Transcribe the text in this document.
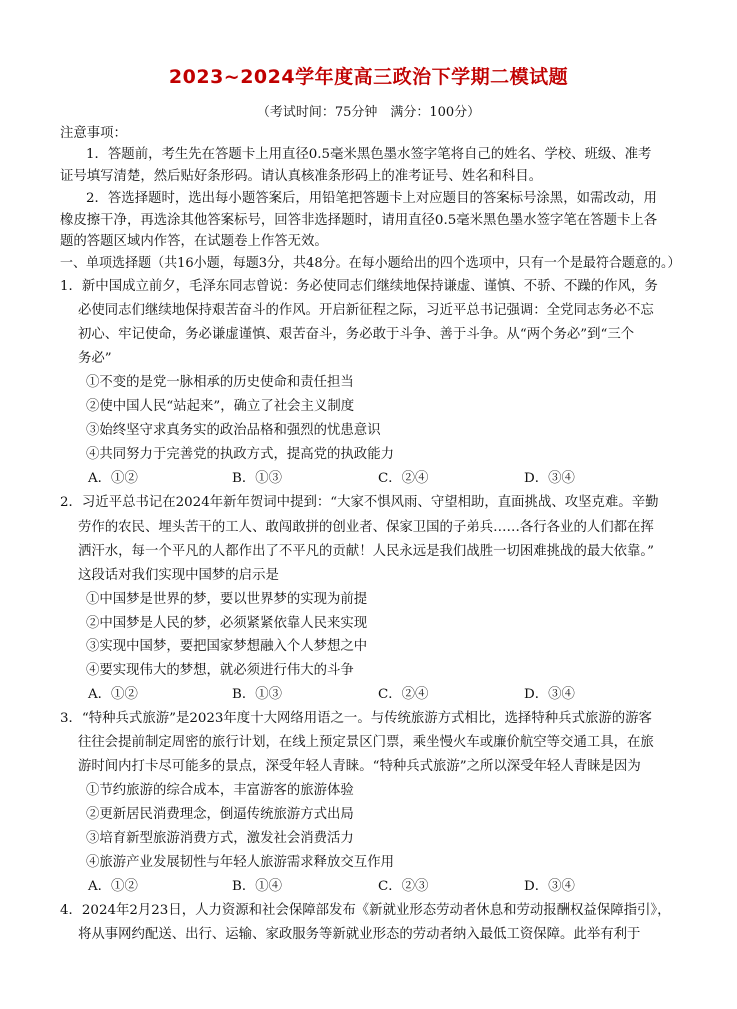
2023~2024学年度高三政治下学期二模试题
（考试时间：75分钟　满分：100分）
注意事项：
1．答题前，考生先在答题卡上用直径0.5毫米黑色墨水签字笔将自己的姓名、学校、班级、准考
证号填写清楚，然后贴好条形码。请认真核准条形码上的准考证号、姓名和科目。
2．答选择题时，选出每小题答案后，用铅笔把答题卡上对应题目的答案标号涂黑，如需改动，用
橡皮擦干净，再选涂其他答案标号，回答非选择题时，请用直径0.5毫米黑色墨水签字笔在答题卡上各
题的答题区域内作答，在试题卷上作答无效。
一、单项选择题（共16小题，每题3分，共48分。在每小题给出的四个选项中，只有一个是最符合题意的。）
1．新中国成立前夕，毛泽东同志曾说：务必使同志们继续地保持谦虚、谨慎、不骄、不躁的作风，务
必使同志们继续地保持艰苦奋斗的作风。开启新征程之际，习近平总书记强调：全党同志务必不忘
初心、牢记使命，务必谦虚谨慎、艰苦奋斗，务必敢于斗争、善于斗争。从“两个务必”到“三个
务必”
①不变的是党一脉相承的历史使命和责任担当
②使中国人民“站起来”，确立了社会主义制度
③始终坚守求真务实的政治品格和强烈的忧患意识
④共同努力于完善党的执政方式，提高党的执政能力
A．①②	B．①③	C．②④	D．③④
2．习近平总书记在2024年新年贺词中提到：“大家不惧风雨、守望相助，直面挑战、攻坚克难。辛勤
劳作的农民、埋头苦干的工人、敢闯敢拼的创业者、保家卫国的子弟兵……各行各业的人们都在挥
洒汗水，每一个平凡的人都作出了不平凡的贡献！人民永远是我们战胜一切困难挑战的最大依靠。”
这段话对我们实现中国梦的启示是
①中国梦是世界的梦，要以世界梦的实现为前提
②中国梦是人民的梦，必须紧紧依靠人民来实现
③实现中国梦，要把国家梦想融入个人梦想之中
④要实现伟大的梦想，就必须进行伟大的斗争
A．①②	B．①③	C．②④	D．③④
3．“特种兵式旅游”是2023年度十大网络用语之一。与传统旅游方式相比，选择特种兵式旅游的游客
往往会提前制定周密的旅行计划，在线上预定景区门票，乘坐慢火车或廉价航空等交通工具，在旅
游时间内打卡尽可能多的景点，深受年轻人青睐。“特种兵式旅游”之所以深受年轻人青睐是因为
①节约旅游的综合成本，丰富游客的旅游体验
②更新居民消费理念，倒逼传统旅游方式出局
③培育新型旅游消费方式，激发社会消费活力
④旅游产业发展韧性与年轻人旅游需求释放交互作用
A．①②	B．①④	C．②③	D．③④
4．2024年2月23日，人力资源和社会保障部发布《新就业形态劳动者休息和劳动报酬权益保障指引》，
将从事网约配送、出行、运输、家政服务等新就业形态的劳动者纳入最低工资保障。此举有利于
